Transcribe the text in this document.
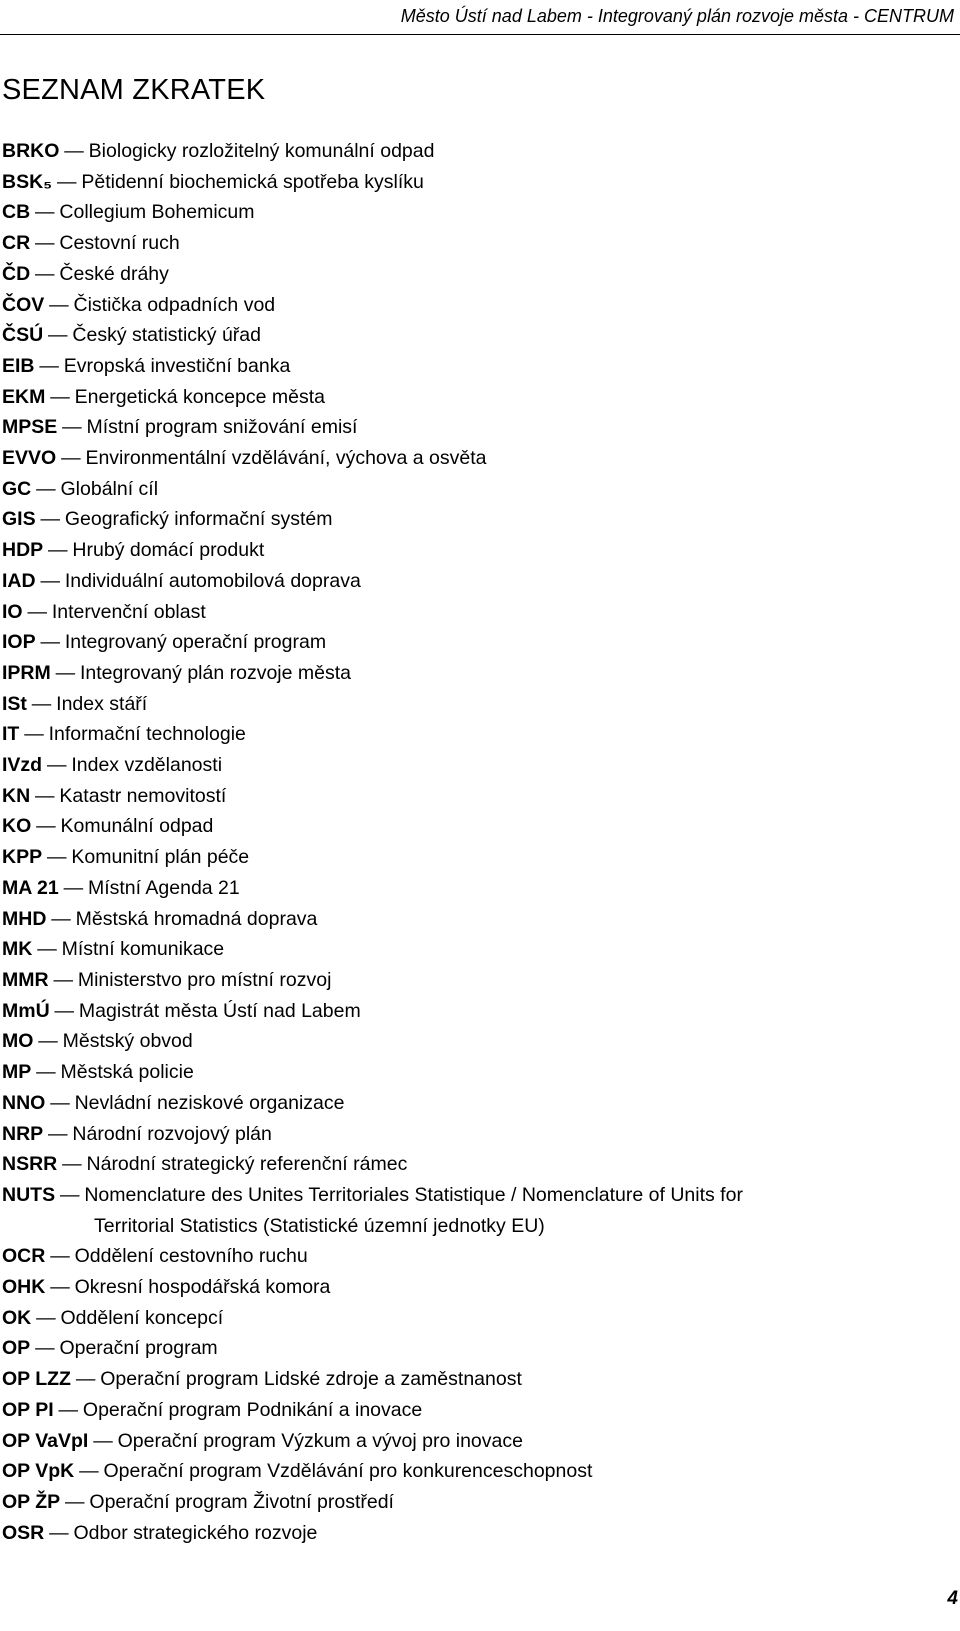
Město Ústí nad Labem - Integrovaný plán rozvoje města - CENTRUM
SEZNAM ZKRATEK
BRKO — Biologicky rozložitelný komunální odpad
BSK₅ — Pětidenní biochemická spotřeba kyslíku
CB — Collegium Bohemicum
CR — Cestovní ruch
ČD — České dráhy
ČOV — Čistička odpadních vod
ČSÚ — Český statistický úřad
EIB — Evropská investiční banka
EKM — Energetická koncepce města
MPSE — Místní program snižování emisí
EVVO — Environmentální vzdělávání, výchova a osvěta
GC — Globální cíl
GIS — Geografický informační systém
HDP — Hrubý domácí produkt
IAD — Individuální automobilová doprava
IO — Intervenční oblast
IOP — Integrovaný operační program
IPRM — Integrovaný plán rozvoje města
ISt — Index stáří
IT — Informační technologie
IVzd — Index vzdělanosti
KN — Katastr nemovitostí
KO — Komunální odpad
KPP — Komunitní plán péče
MA 21 — Místní Agenda 21
MHD — Městská hromadná doprava
MK — Místní komunikace
MMR — Ministerstvo pro místní rozvoj
MmÚ — Magistrát města Ústí nad Labem
MO — Městský obvod
MP — Městská policie
NNO — Nevládní neziskové organizace
NRP — Národní rozvojový plán
NSRR — Národní strategický referenční rámec
NUTS — Nomenclature des Unites Territoriales Statistique / Nomenclature of Units for
Territorial Statistics (Statistické územní jednotky EU)
OCR — Oddělení cestovního ruchu
OHK — Okresní hospodářská komora
OK — Oddělení koncepcí
OP — Operační program
OP LZZ — Operační program Lidské zdroje a zaměstnanost
OP PI — Operační program Podnikání a inovace
OP VaVpI — Operační program Výzkum a vývoj pro inovace
OP VpK — Operační program Vzdělávání pro konkurenceschopnost
OP ŽP — Operační program Životní prostředí
OSR — Odbor strategického rozvoje
4
